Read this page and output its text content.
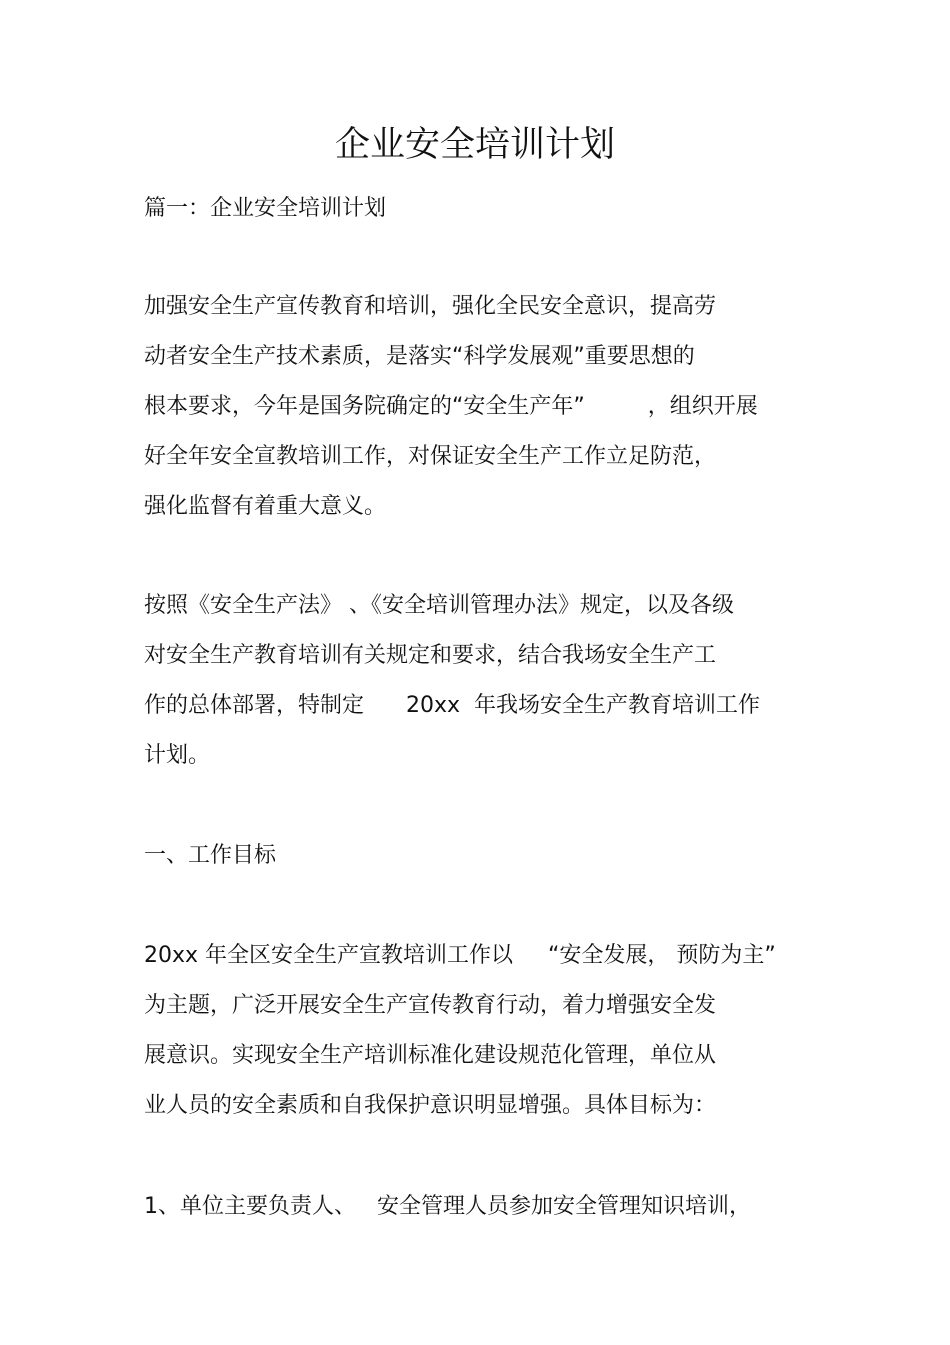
企业安全培训计划
篇一：企业安全培训计划
加强安全生产宣传教育和培训，强化全民安全意识，提高劳
动者安全生产技术素质，是落实“科学发展观”重要思想的
根本要求，今年是国务院确定的“安全生产年”         ，组织开展
好全年安全宣教培训工作，对保证安全生产工作立足防范，
强化监督有着重大意义。
按照《安全生产法》 、《安全培训管理办法》规定，以及各级
对安全生产教育培训有关规定和要求，结合我场安全生产工
作的总体部署，特制定      20xx  年我场安全生产教育培训工作
计划。
一、工作目标
20xx 年全区安全生产宣教培训工作以     “安全发展， 预防为主”
为主题，广泛开展安全生产宣传教育行动，着力增强安全发
展意识。实现安全生产培训标准化建设规范化管理，单位从
业人员的安全素质和自我保护意识明显增强。具体目标为：
1、单位主要负责人、   安全管理人员参加安全管理知识培训，
